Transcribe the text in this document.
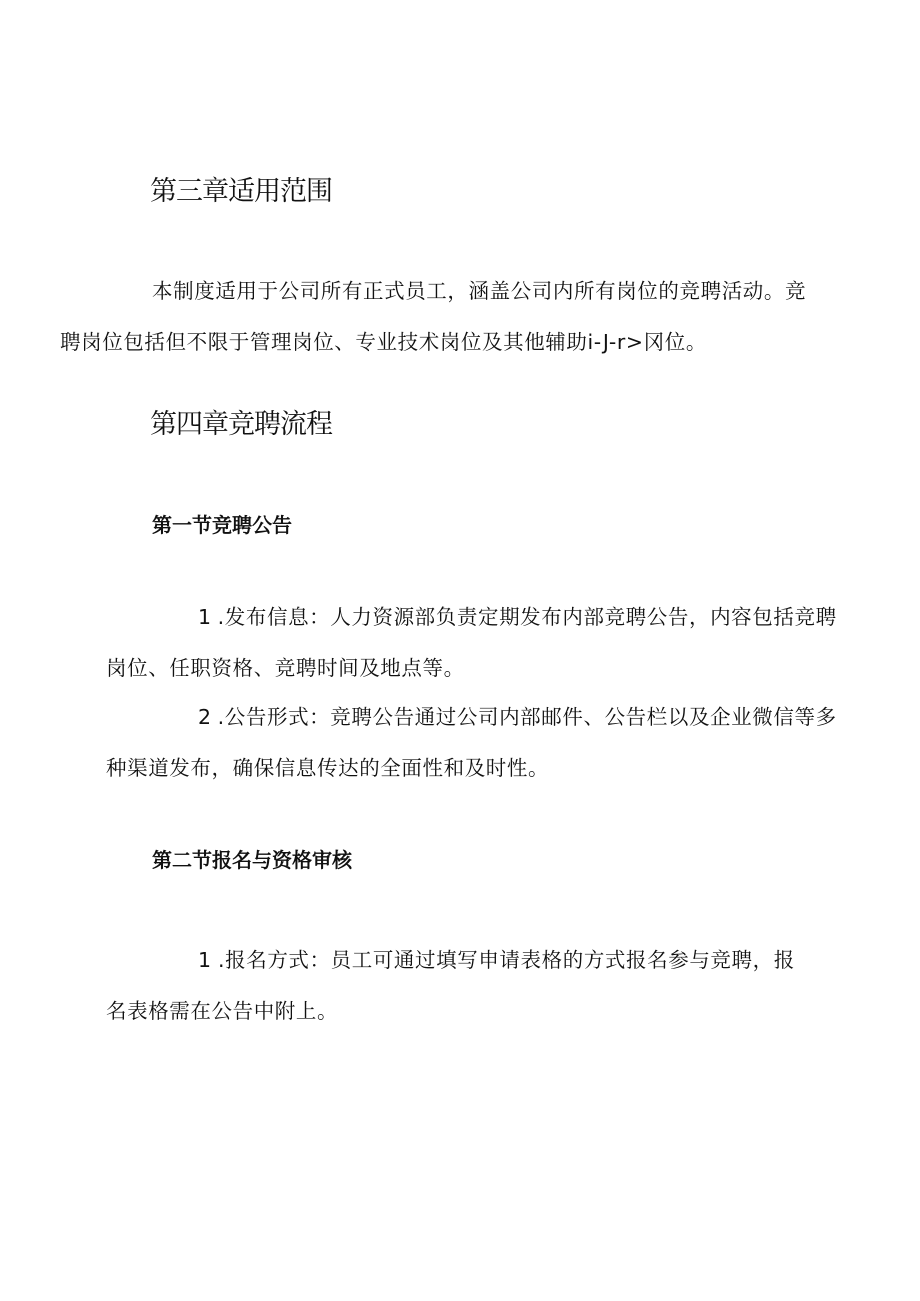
第三章适用范围

本制度适用于公司所有正式员工，涵盖公司内所有岗位的竞聘活动。竞
聘岗位包括但不限于管理岗位、专业技术岗位及其他辅助i-J-r>冈位。

第四章竞聘流程
第一节竞聘公告

1 .发布信息：人力资源部负责定期发布内部竞聘公告，内容包括竞聘
岗位、任职资格、竞聘时间及地点等。

2 .公告形式：竞聘公告通过公司内部邮件、公告栏以及企业微信等多
种渠道发布，确保信息传达的全面性和及时性。

第二节报名与资格审核

1 .报名方式：员工可通过填写申请表格的方式报名参与竞聘，报
名表格需在公告中附上。
